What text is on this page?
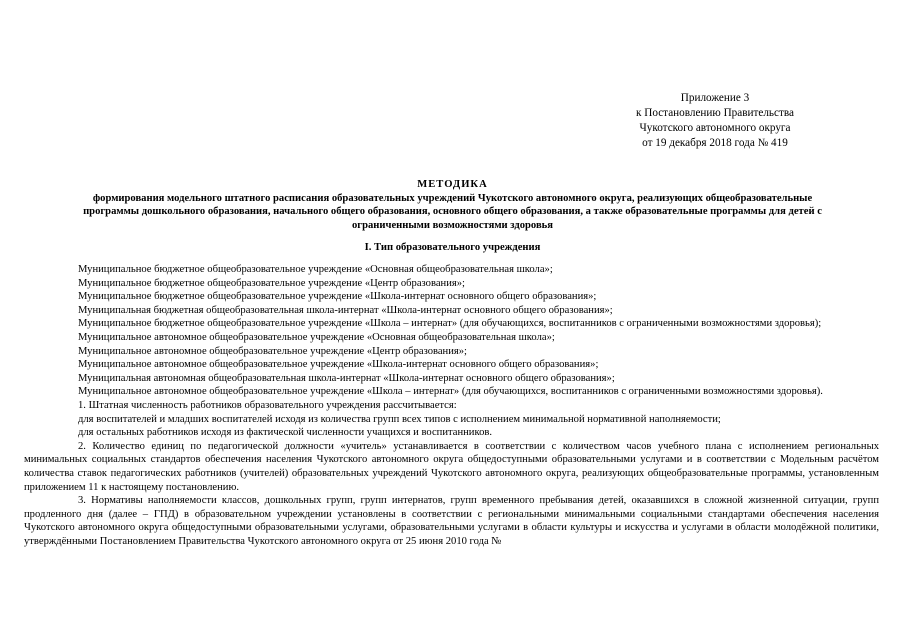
Приложение 3
к Постановлению Правительства
Чукотского автономного округа
от 19 декабря 2018 года № 419
МЕТОДИКА
формирования модельного штатного расписания образовательных учреждений Чукотского автономного округа, реализующих общеобразовательные
программы дошкольного образования, начального общего образования, основного общего образования, а также образовательные программы для детей с
ограниченными возможностями здоровья
I. Тип образовательного учреждения

Муниципальное бюджетное общеобразовательное учреждение «Основная общеобразовательная школа»;

Муниципальное бюджетное общеобразовательное учреждение «Центр образования»;

Муниципальное бюджетное общеобразовательное учреждение «Школа-интернат основного общего образования»;

Муниципальная бюджетная общеобразовательная школа-интернат «Школа-интернат основного общего образования»;

Муниципальное бюджетное общеобразовательное учреждение «Школа – интернат» (для обучающихся, воспитанников с ограниченными возможностями здоровья);

Муниципальное автономное общеобразовательное учреждение «Основная общеобразовательная школа»;

Муниципальное автономное общеобразовательное учреждение «Центр образования»;

Муниципальное автономное общеобразовательное учреждение «Школа-интернат основного общего образования»;

Муниципальная автономная общеобразовательная школа-интернат «Школа-интернат основного общего образования»;

Муниципальное автономное общеобразовательное учреждение «Школа – интернат» (для обучающихся, воспитанников с ограниченными возможностями здоровья).

1. Штатная численность работников образовательного учреждения рассчитывается:

для воспитателей и младших воспитателей исходя из количества групп всех типов с исполнением минимальной нормативной наполняемости;

для остальных работников исходя из фактической численности учащихся и воспитанников.

2. Количество единиц по педагогической должности «учитель» устанавливается в соответствии с количеством часов учебного плана с исполнением региональных минимальных социальных стандартов обеспечения населения Чукотского автономного округа общедоступными образовательными услугами и в соответствии с Модельным расчётом количества ставок педагогических работников (учителей) образовательных учреждений Чукотского автономного округа, реализующих общеобразовательные программы, установленным приложением 11 к настоящему постановлению.

3. Нормативы наполняемости классов, дошкольных групп, групп интернатов, групп временного пребывания детей, оказавшихся в сложной жизненной ситуации, групп продленного дня (далее – ГПД) в образовательном учреждении установлены в соответствии с региональными минимальными социальными стандартами обеспечения населения Чукотского автономного округа общедоступными образовательными услугами, образовательными услугами в области культуры и искусства и услугами в области молодёжной политики, утверждёнными Постановлением Правительства Чукотского автономного округа от 25 июня 2010 года №
